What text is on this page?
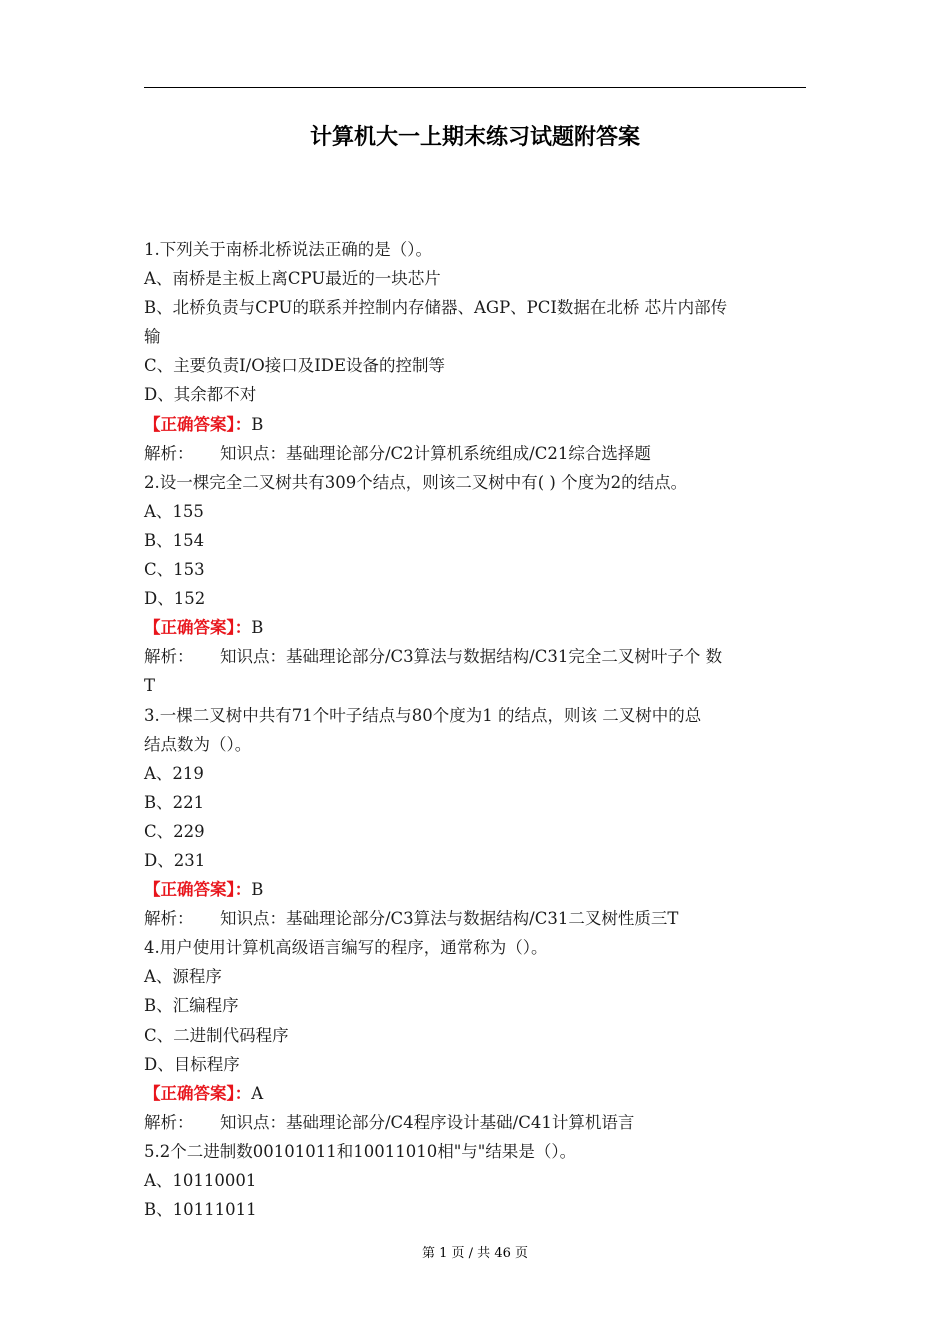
计算机大一上期末练习试题附答案
1.下列关于南桥北桥说法正确的是（）。
A、南桥是主板上离CPU最近的一块芯片
B、北桥负责与CPU的联系并控制内存储器、AGP、PCI数据在北桥 芯片内部传
输
C、主要负责I/O接口及IDE设备的控制等
D、其余都不对
【正确答案】：B
解析： 知识点：基础理论部分/C2计算机系统组成/C21综合选择题
2.设一棵完全二叉树共有309个结点，则该二叉树中有( ) 个度为2的结点。
A、155
B、154
C、153
D、152
【正确答案】：B
解析： 知识点：基础理论部分/C3算法与数据结构/C31完全二叉树叶子个 数
T
3.一棵二叉树中共有71个叶子结点与80个度为1 的结点，则该 二叉树中的总
结点数为（）。
A、219
B、221
C、229
D、231
【正确答案】：B
解析： 知识点：基础理论部分/C3算法与数据结构/C31二叉树性质三T
4.用户使用计算机高级语言编写的程序，通常称为（）。
A、源程序
B、汇编程序
C、二进制代码程序
D、目标程序
【正确答案】：A
解析： 知识点：基础理论部分/C4程序设计基础/C41计算机语言
5.2个二进制数00101011和10011010相"与"结果是（）。
A、10110001
B、10111011
第 1 页 / 共 46 页
